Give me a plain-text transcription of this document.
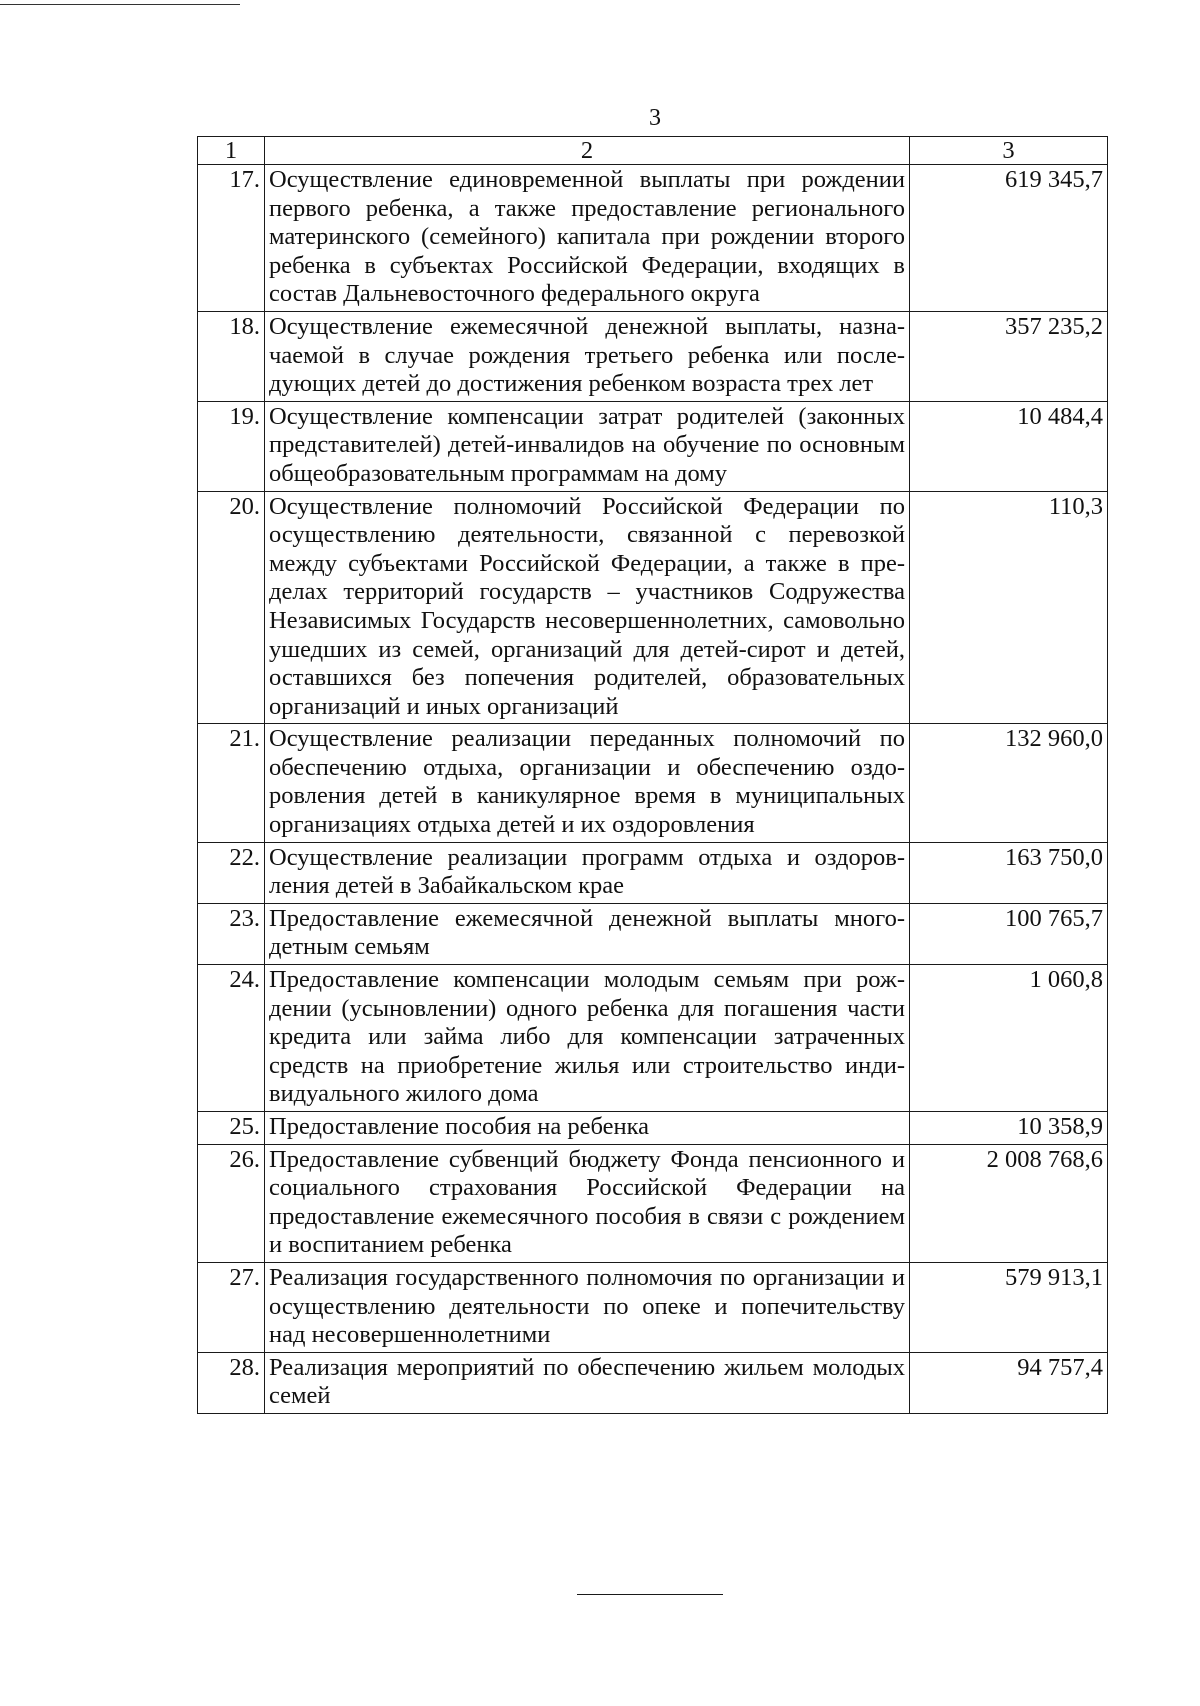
3
1	2	3
17.	Осуществление единовременной выплаты при рождении первого ребенка, а также предоставление регионального материнского (семейного) капитала при рождении второго ребенка в субъектах Российской Федерации, входящих в состав Дальневосточного федерального округа	619 345,7
18.	Осуществление ежемесячной денежной выплаты, назначаемой в случае рождения третьего ребенка или последующих детей до достижения ребенком возраста трех лет	357 235,2
19.	Осуществление компенсации затрат родителей (законных представителей) детей-инвалидов на обучение по основным общеобразовательным программам на дому	10 484,4
20.	Осуществление полномочий Российской Федерации по осуществлению деятельности, связанной с перевозкой между субъектами Российской Федерации, а также в пределах территорий государств – участников Содружества Независимых Государств несовершеннолетних, самовольно ушедших из семей, организаций для детей-сирот и детей, оставшихся без попечения родителей, образовательных организаций и иных организаций	110,3
21.	Осуществление реализации переданных полномочий по обеспечению отдыха, организации и обеспечению оздоровления детей в каникулярное время в муниципальных организациях отдыха детей и их оздоровления	132 960,0
22.	Осуществление реализации программ отдыха и оздоровления детей в Забайкальском крае	163 750,0
23.	Предоставление ежемесячной денежной выплаты многодетным семьям	100 765,7
24.	Предоставление компенсации молодым семьям при рождении (усыновлении) одного ребенка для погашения части кредита или займа либо для компенсации затраченных средств на приобретение жилья или строительство индивидуального жилого дома	1 060,8
25.	Предоставление пособия на ребенка	10 358,9
26.	Предоставление субвенций бюджету Фонда пенсионного и социального страхования Российской Федерации на предоставление ежемесячного пособия в связи с рождением и воспитанием ребенка	2 008 768,6
27.	Реализация государственного полномочия по организации и осуществлению деятельности по опеке и попечительству над несовершеннолетними	579 913,1
28.	Реализация мероприятий по обеспечению жильем молодых семей	94 757,4
